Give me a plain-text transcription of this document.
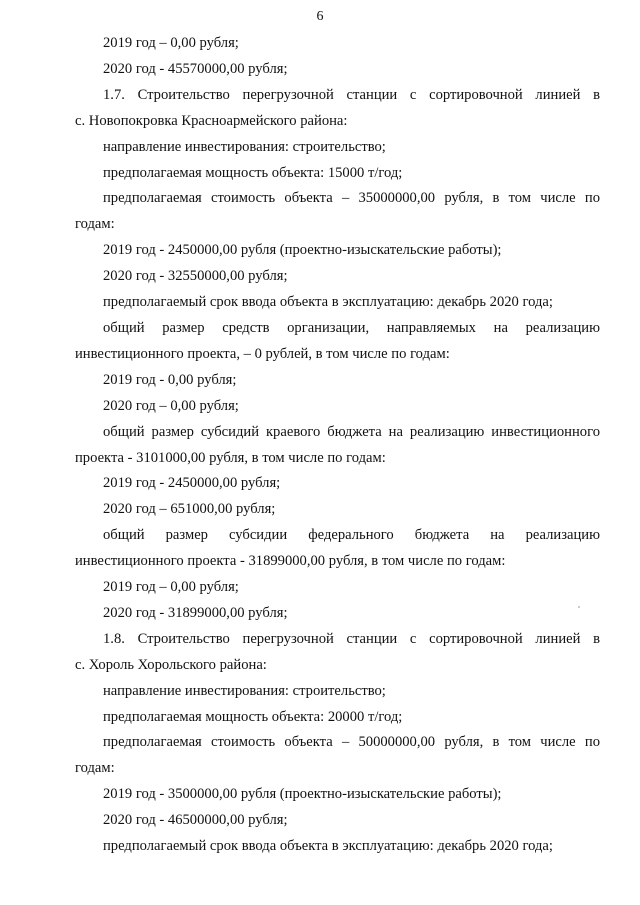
6

2019 год – 0,00 рубля;

2020 год - 45570000,00 рубля;

1.7. Строительство перегрузочной станции с сортировочной линией в
с. Новопокровка Красноармейского района:

направление инвестирования: строительство;

предполагаемая мощность объекта: 15000 т/год;

предполагаемая стоимость объекта – 35000000,00 рубля, в том числе по
годам:

2019 год - 2450000,00 рубля (проектно-изыскательские работы);

2020 год - 32550000,00 рубля;

предполагаемый срок ввода объекта в эксплуатацию: декабрь 2020 года;

общий размер средств организации, направляемых на реализацию
инвестиционного проекта, – 0 рублей, в том числе по годам:

2019 год - 0,00 рубля;

2020 год – 0,00 рубля;

общий размер субсидий краевого бюджета на реализацию инвестиционного
проекта - 3101000,00 рубля, в том числе по годам:

2019 год - 2450000,00 рубля;

2020 год – 651000,00 рубля;

общий размер субсидии федерального бюджета на реализацию
инвестиционного проекта - 31899000,00 рубля, в том числе по годам:

2019 год – 0,00 рубля;

2020 год - 31899000,00 рубля;

1.8. Строительство перегрузочной станции с сортировочной линией в
с. Хороль Хорольского района:

направление инвестирования: строительство;

предполагаемая мощность объекта: 20000 т/год;

предполагаемая стоимость объекта – 50000000,00 рубля, в том числе по
годам:

2019 год - 3500000,00 рубля (проектно-изыскательские работы);

2020 год - 46500000,00 рубля;

предполагаемый срок ввода объекта в эксплуатацию: декабрь 2020 года;
